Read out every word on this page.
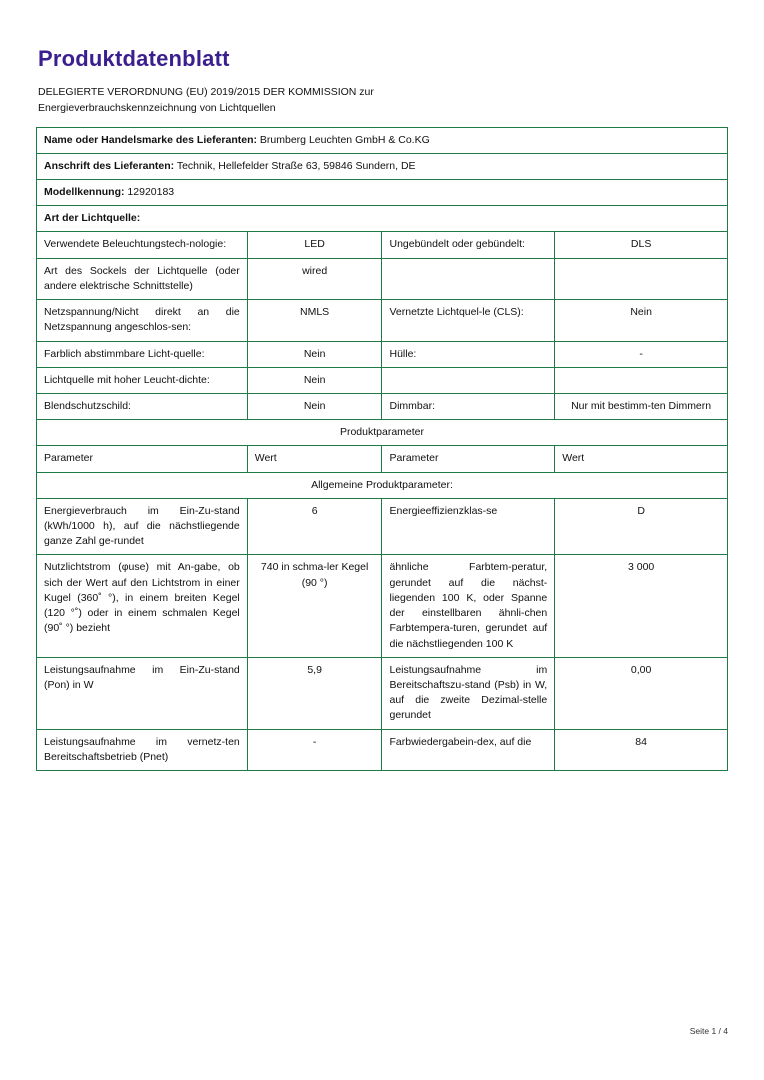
Produktdatenblatt
DELEGIERTE VERORDNUNG (EU) 2019/2015 DER KOMMISSION zur
Energieverbrauchskennzeichnung von Lichtquellen
Name oder Handelsmarke des Lieferanten: Brumberg Leuchten GmbH & Co.KG			
Anschrift des Lieferanten: Technik, Hellefelder Straße 63, 59846 Sundern, DE			
Modellkennung: 12920183			
Art der Lichtquelle:			
Verwendete Beleuchtungstech-nologie:	LED	Ungebündelt oder gebündelt:	DLS
Art des Sockels der Lichtquelle (oder andere elektrische Schnittstelle)	wired		
Netzspannung/Nicht direkt an die Netzspannung angeschlos-sen:	NMLS	Vernetzte Lichtquel-le (CLS):	Nein
Farblich abstimmbare Licht-quelle:	Nein	Hülle:	-
Lichtquelle mit hoher Leucht-dichte:	Nein		
Blendschutzschild:	Nein	Dimmbar:	Nur mit bestimm-ten Dimmern
Produktparameter			
Parameter	Wert	Parameter	Wert
Allgemeine Produktparameter:			
Energieverbrauch im Ein-Zu-stand (kWh/1000 h), auf die nächstliegende ganze Zahl ge-rundet	6	Energieeffizienzklas-se	D
Nutzlichtstrom (φuse) mit An-gabe, ob sich der Wert auf den Lichtstrom in einer Kugel (360˚ °), in einem breiten Kegel (120 °˚) oder in einem schmalen Kegel (90˚ °) bezieht	740 in schma-ler Kegel (90 °)	ähnliche Farbtem-peratur, gerundet auf die nächst-liegenden 100 K, oder Spanne der einstellbaren ähnli-chen Farbtempera-turen, gerundet auf die nächstliegenden 100 K	3 000
Leistungsaufnahme im Ein-Zu-stand (Pon) in W	5,9	Leistungsaufnahme im Bereitschaftszu-stand (Psb) in W, auf die zweite Dezimal-stelle gerundet	0,00
Leistungsaufnahme im vernetz-ten Bereitschaftsbetrieb (Pnet)	-	Farbwiedergabein-dex, auf die	84
Seite 1 / 4
